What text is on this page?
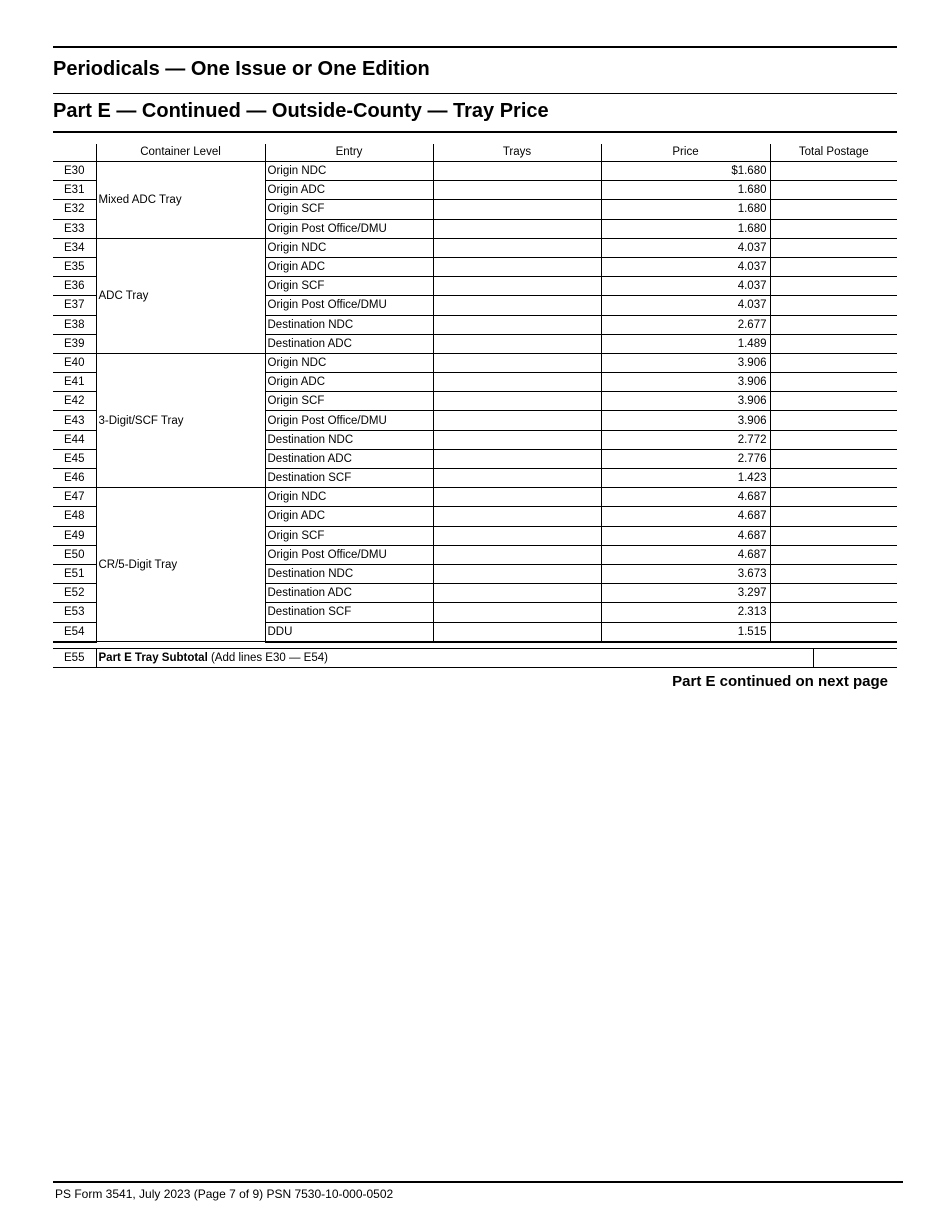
Periodicals — One Issue or One Edition
Part E — Continued — Outside-County — Tray Price
	Container Level	Entry	Trays	Price	Total Postage
E30	Mixed ADC Tray	Origin NDC		$1.680	
E31		Origin ADC		1.680	
E32		Origin SCF		1.680	
E33		Origin Post Office/DMU		1.680	
E34	ADC Tray	Origin NDC		4.037	
E35		Origin ADC		4.037	
E36		Origin SCF		4.037	
E37		Origin Post Office/DMU		4.037	
E38		Destination NDC		2.677	
E39		Destination ADC		1.489	
E40	3-Digit/SCF Tray	Origin NDC		3.906	
E41		Origin ADC		3.906	
E42		Origin SCF		3.906	
E43		Origin Post Office/DMU		3.906	
E44		Destination NDC		2.772	
E45		Destination ADC		2.776	
E46		Destination SCF		1.423	
E47	CR/5-Digit Tray	Origin NDC		4.687	
E48		Origin ADC		4.687	
E49		Origin SCF		4.687	
E50		Origin Post Office/DMU		4.687	
E51		Destination NDC		3.673	
E52		Destination ADC		3.297	
E53		Destination SCF		2.313	
E54		DDU		1.515	
E55	Part E Tray Subtotal (Add lines E30 — E54)	
Part E continued on next page
PS Form 3541, July 2023 (Page 7 of 9) PSN 7530-10-000-0502
